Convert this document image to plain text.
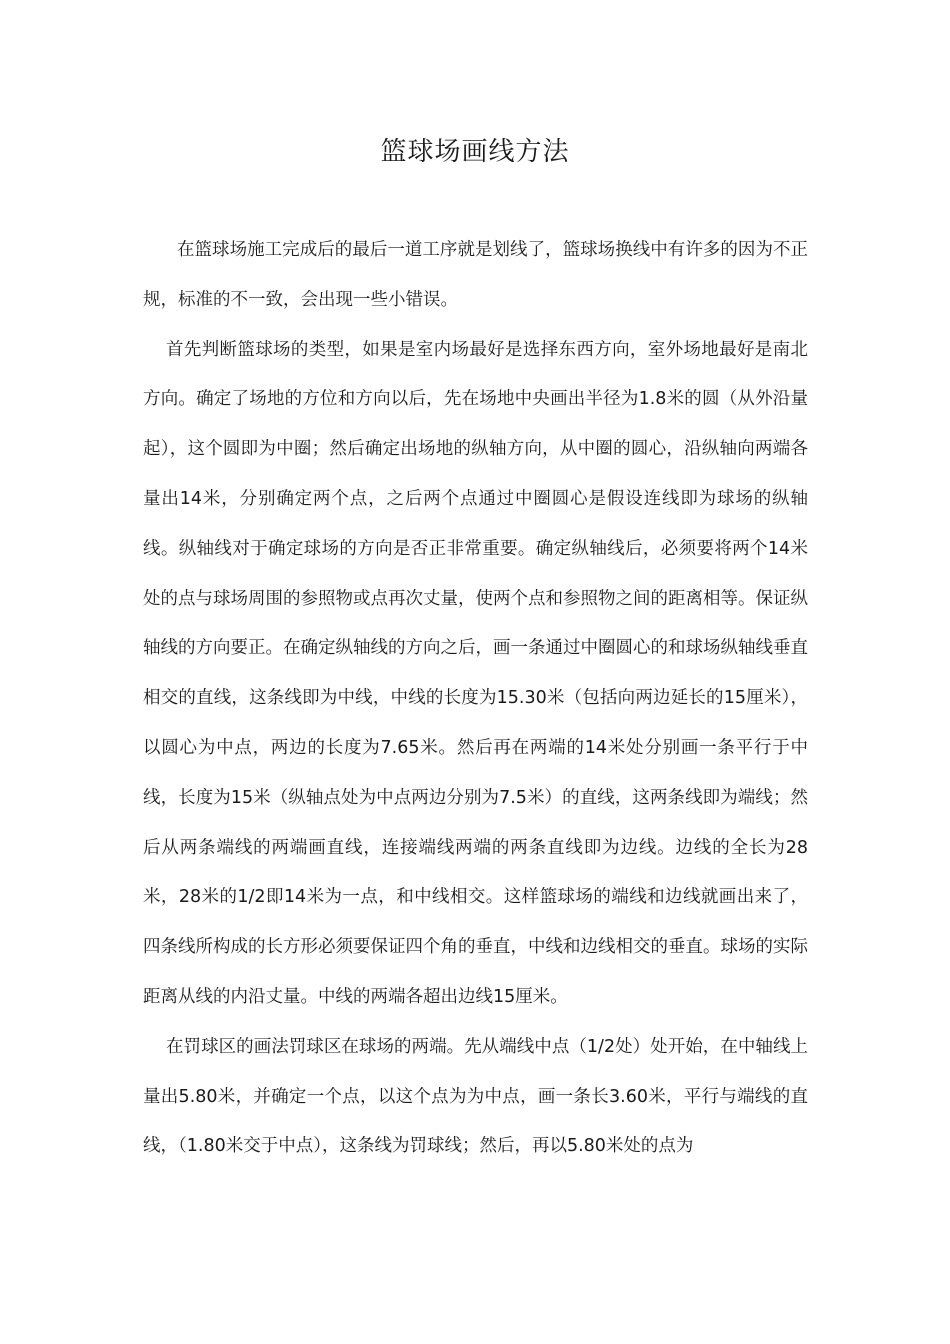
篮球场画线方法

在篮球场施工完成后的最后一道工序就是划线了，篮球场换线中有许多的因为不正规，标准的不一致，会出现一些小错误。

首先判断篮球场的类型，如果是室内场最好是选择东西方向，室外场地最好是南北方向。确定了场地的方位和方向以后，先在场地中央画出半径为1.8米的圆（从外沿量起），这个圆即为中圈；然后确定出场地的纵轴方向，从中圈的圆心，沿纵轴向两端各量出14米，分别确定两个点，之后两个点通过中圈圆心是假设连线即为球场的纵轴线。纵轴线对于确定球场的方向是否正非常重要。确定纵轴线后，必须要将两个14米处的点与球场周围的参照物或点再次丈量，使两个点和参照物之间的距离相等。保证纵轴线的方向要正。在确定纵轴线的方向之后，画一条通过中圈圆心的和球场纵轴线垂直相交的直线，这条线即为中线，中线的长度为15.30米（包括向两边延长的15厘米），以圆心为中点，两边的长度为7.65米。然后再在两端的14米处分别画一条平行于中线，长度为15米（纵轴点处为中点两边分别为7.5米）的直线，这两条线即为端线；然后从两条端线的两端画直线，连接端线两端的两条直线即为边线。边线的全长为28米，28米的1/2即14米为一点，和中线相交。这样篮球场的端线和边线就画出来了，四条线所构成的长方形必须要保证四个角的垂直，中线和边线相交的垂直。球场的实际距离从线的内沿丈量。中线的两端各超出边线15厘米。

在罚球区的画法罚球区在球场的两端。先从端线中点（1/2处）处开始，在中轴线上量出5.80米，并确定一个点，以这个点为为中点，画一条长3.60米，平行与端线的直线，（1.80米交于中点），这条线为罚球线；然后，再以5.80米处的点为
